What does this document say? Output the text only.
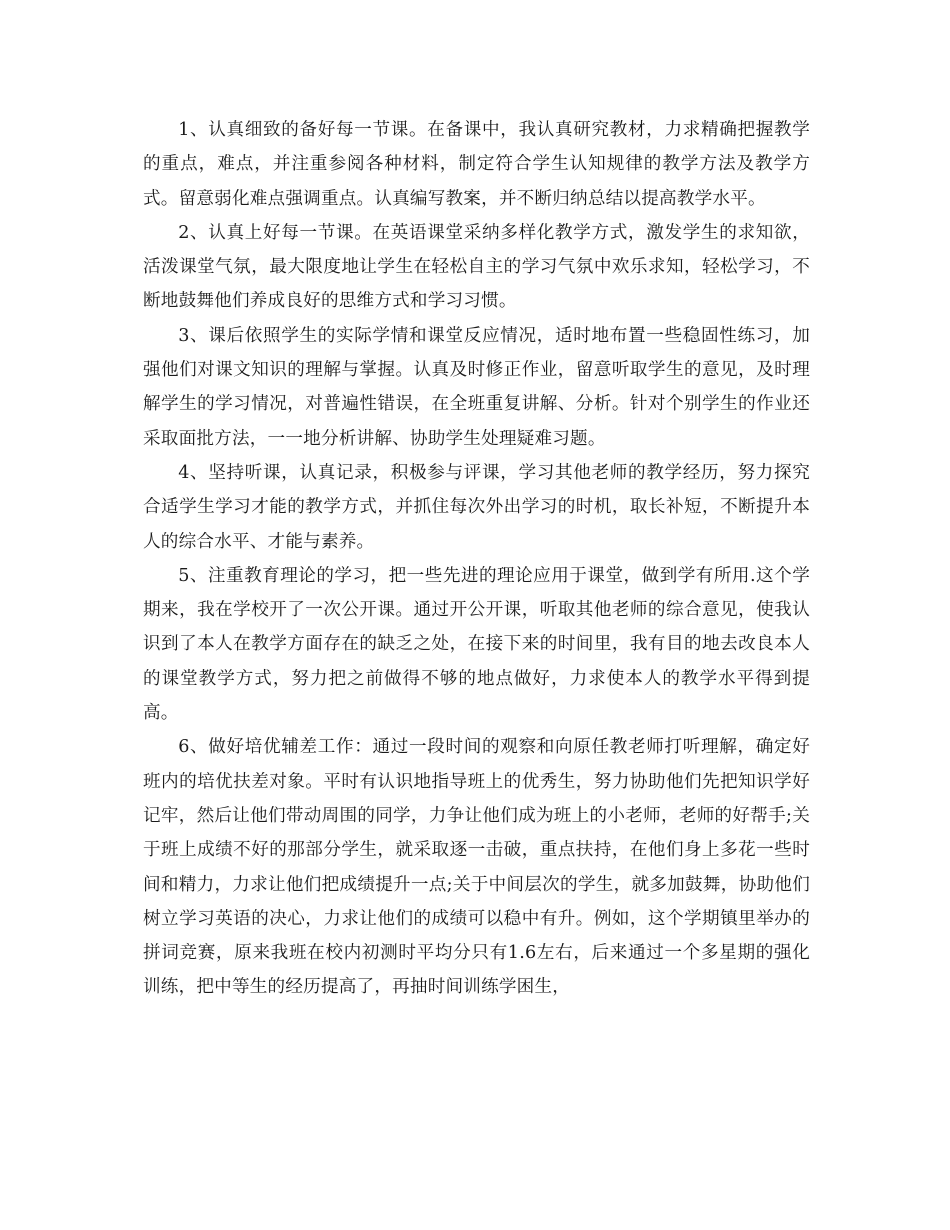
1、认真细致的备好每一节课。在备课中，我认真研究教材，力求精确把握教学的重点，难点，并注重参阅各种材料，制定符合学生认知规律的教学方法及教学方式。留意弱化难点强调重点。认真编写教案，并不断归纳总结以提高教学水平。

2、认真上好每一节课。在英语课堂采纳多样化教学方式，激发学生的求知欲，活泼课堂气氛，最大限度地让学生在轻松自主的学习气氛中欢乐求知，轻松学习，不断地鼓舞他们养成良好的思维方式和学习习惯。

3、课后依照学生的实际学情和课堂反应情况，适时地布置一些稳固性练习，加强他们对课文知识的理解与掌握。认真及时修正作业，留意听取学生的意见，及时理解学生的学习情况，对普遍性错误，在全班重复讲解、分析。针对个别学生的作业还采取面批方法，一一地分析讲解、协助学生处理疑难习题。

4、坚持听课，认真记录，积极参与评课，学习其他老师的教学经历，努力探究合适学生学习才能的教学方式，并抓住每次外出学习的时机，取长补短，不断提升本人的综合水平、才能与素养。

5、注重教育理论的学习，把一些先进的理论应用于课堂，做到学有所用.这个学期来，我在学校开了一次公开课。通过开公开课，听取其他老师的综合意见，使我认识到了本人在教学方面存在的缺乏之处，在接下来的时间里，我有目的地去改良本人的课堂教学方式，努力把之前做得不够的地点做好，力求使本人的教学水平得到提高。

6、做好培优辅差工作：通过一段时间的观察和向原任教老师打听理解，确定好班内的培优扶差对象。平时有认识地指导班上的优秀生，努力协助他们先把知识学好记牢，然后让他们带动周围的同学，力争让他们成为班上的小老师，老师的好帮手;关于班上成绩不好的那部分学生，就采取逐一击破，重点扶持，在他们身上多花一些时间和精力，力求让他们把成绩提升一点;关于中间层次的学生，就多加鼓舞，协助他们树立学习英语的决心，力求让他们的成绩可以稳中有升。例如，这个学期镇里举办的拼词竞赛，原来我班在校内初测时平均分只有1.6左右，后来通过一个多星期的强化训练，把中等生的经历提高了，再抽时间训练学困生，
